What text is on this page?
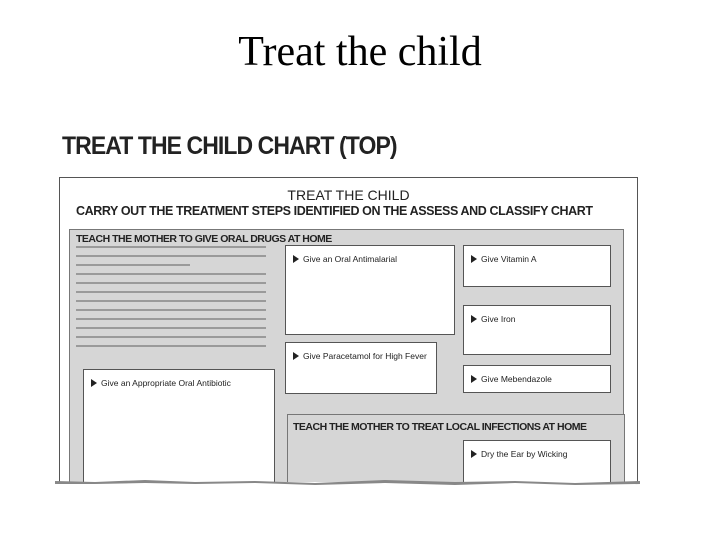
Treat the child
TREAT THE CHILD CHART (TOP)
TREAT THE CHILD
CARRY OUT THE TREATMENT STEPS IDENTIFIED ON THE ASSESS AND CLASSIFY CHART
TEACH THE MOTHER TO GIVE ORAL DRUGS AT HOME
Give an Oral Antimalarial	Give Vitamin A
Give Iron
Give Paracetamol for High Fever
Give Mebendazole
Give an Appropriate Oral Antibiotic
TEACH THE MOTHER TO TREAT LOCAL INFECTIONS AT HOME
Dry the Ear by Wicking
